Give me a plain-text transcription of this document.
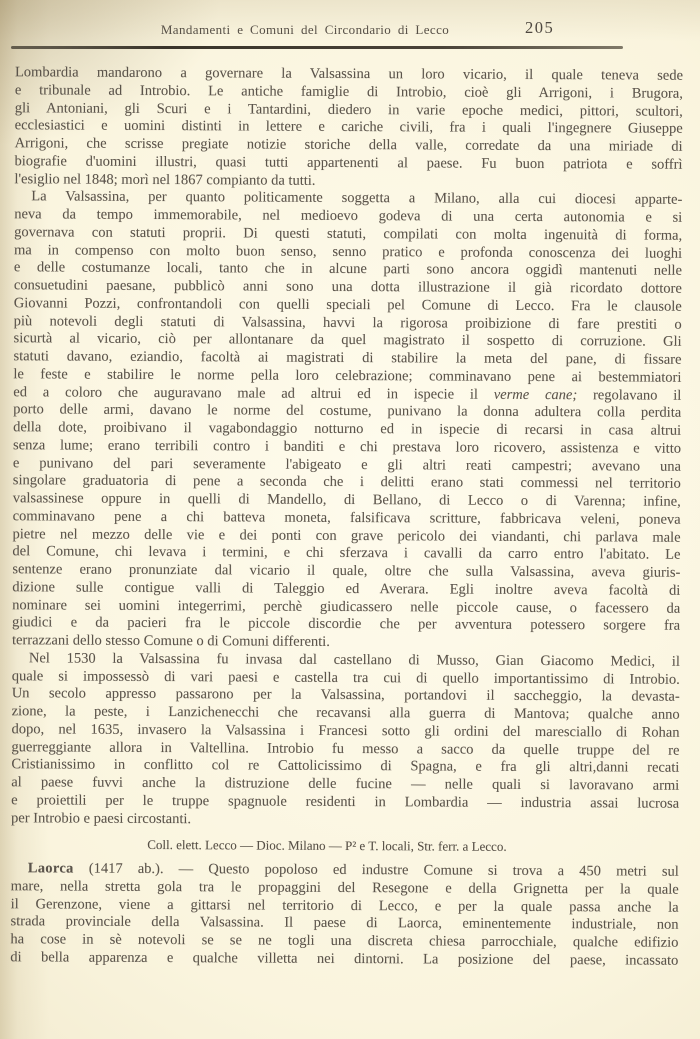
Mandamenti e Comuni del Circondario di Lecco	205
Lombardia mandarono a governare la Valsassina un loro vicario, il quale teneva sede
e tribunale ad Introbio. Le antiche famiglie di Introbio, cioè gli Arrigoni, i Brugora,
gli Antoniani, gli Scuri e i Tantardini, diedero in varie epoche medici, pittori, scultori,
ecclesiastici e uomini distinti in lettere e cariche civili, fra i quali l'ingegnere Giuseppe
Arrigoni, che scrisse pregiate notizie storiche della valle, corredate da una miriade di
biografie d'uomini illustri, quasi tutti appartenenti al paese. Fu buon patriota e soffrì
l'esiglio nel 1848; morì nel 1867 compianto da tutti.
La Valsassina, per quanto politicamente soggetta a Milano, alla cui diocesi apparte-
neva da tempo immemorabile, nel medioevo godeva di una certa autonomia e si
governava con statuti proprii. Di questi statuti, compilati con molta ingenuità di forma,
ma in compenso con molto buon senso, senno pratico e profonda conoscenza dei luoghi
e delle costumanze locali, tanto che in alcune parti sono ancora oggidì mantenuti nelle
consuetudini paesane, pubblicò anni sono una dotta illustrazione il già ricordato dottore
Giovanni Pozzi, confrontandoli con quelli speciali pel Comune di Lecco. Fra le clausole
più notevoli degli statuti di Valsassina, havvi la rigorosa proibizione di fare prestiti o
sicurtà al vicario, ciò per allontanare da quel magistrato il sospetto di corruzione. Gli
statuti davano, eziandio, facoltà ai magistrati di stabilire la meta del pane, di fissare
le feste e stabilire le norme pella loro celebrazione; comminavano pene ai bestemmiatori
ed a coloro che auguravano male ad altrui ed in ispecie il verme cane; regolavano il
porto delle armi, davano le norme del costume, punivano la donna adultera colla perdita
della dote, proibivano il vagabondaggio notturno ed in ispecie di recarsi in casa altrui
senza lume; erano terribili contro i banditi e chi prestava loro ricovero, assistenza e vitto
e punivano del pari severamente l'abigeato e gli altri reati campestri; avevano una
singolare graduatoria di pene a seconda che i delitti erano stati commessi nel territorio
valsassinese oppure in quelli di Mandello, di Bellano, di Lecco o di Varenna; infine,
comminavano pene a chi batteva moneta, falsificava scritture, fabbricava veleni, poneva
pietre nel mezzo delle vie e dei ponti con grave pericolo dei viandanti, chi parlava male
del Comune, chi levava i termini, e chi sferzava i cavalli da carro entro l'abitato. Le
sentenze erano pronunziate dal vicario il quale, oltre che sulla Valsassina, aveva giuris-
dizione sulle contigue valli di Taleggio ed Averara. Egli inoltre aveva facoltà di
nominare sei uomini integerrimi, perchè giudicassero nelle piccole cause, o facessero da
giudici e da pacieri fra le piccole discordie che per avventura potessero sorgere fra
terrazzani dello stesso Comune o di Comuni differenti.
Nel 1530 la Valsassina fu invasa dal castellano di Musso, Gian Giacomo Medici, il
quale si impossessò di vari paesi e castella tra cui di quello importantissimo di Introbio.
Un secolo appresso passarono per la Valsassina, portandovi il saccheggio, la devasta-
zione, la peste, i Lanzichenecchi che recavansi alla guerra di Mantova; qualche anno
dopo, nel 1635, invasero la Valsassina i Francesi sotto gli ordini del maresciallo di Rohan
guerreggiante allora in Valtellina. Introbio fu messo a sacco da quelle truppe del re
Cristianissimo in conflitto col re Cattolicissimo di Spagna, e fra gli altri,danni recati
al paese fuvvi anche la distruzione delle fucine — nelle quali si lavoravano armi
e proiettili per le truppe spagnuole residenti in Lombardia — industria assai lucrosa
per Introbio e paesi circostanti.
Coll. elett. Lecco — Dioc. Milano — P² e T. locali, Str. ferr. a Lecco.
Laorca (1417 ab.). — Questo popoloso ed industre Comune si trova a 450 metri sul
mare, nella stretta gola tra le propaggini del Resegone e della Grignetta per la quale
il Gerenzone, viene a gittarsi nel territorio di Lecco, e per la quale passa anche la
strada provinciale della Valsassina. Il paese di Laorca, eminentemente industriale, non
ha cose in sè notevoli se se ne togli una discreta chiesa parrocchiale, qualche edifizio
di bella apparenza e qualche villetta nei dintorni. La posizione del paese, incassato
